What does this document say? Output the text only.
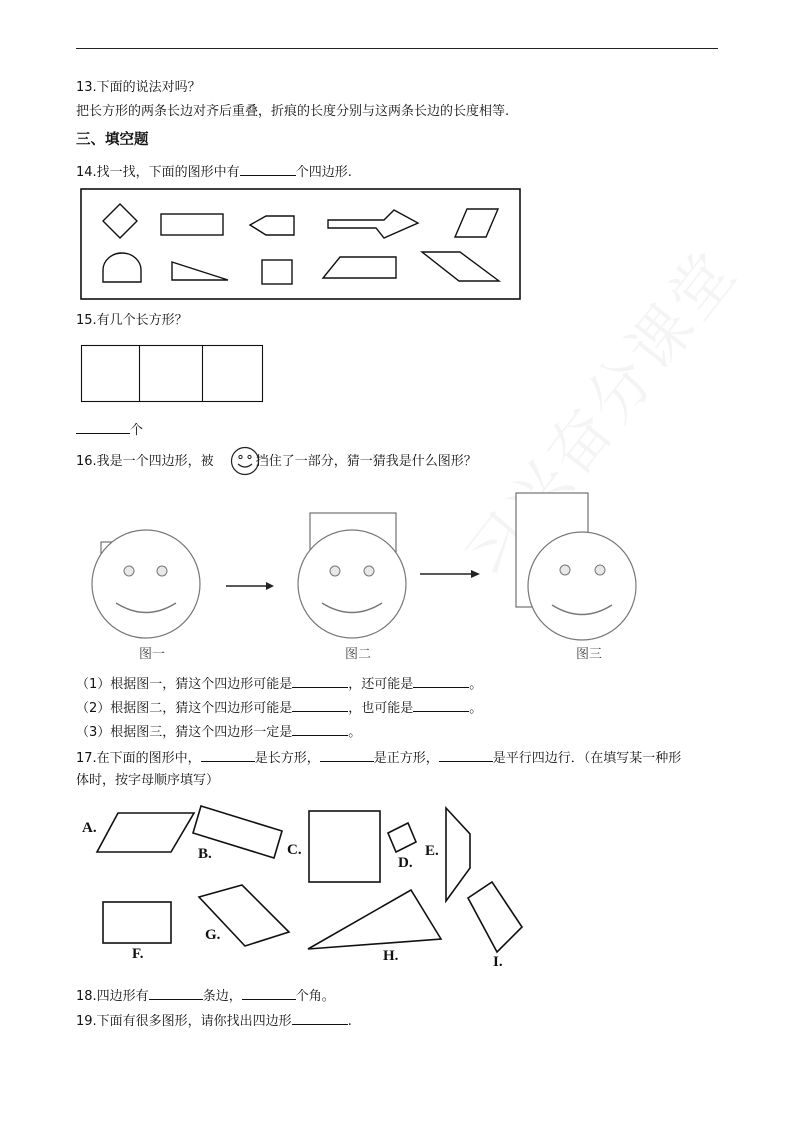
13.下面的说法对吗？
把长方形的两条长边对齐后重叠，折痕的长度分别与这两条长边的长度相等.
三、填空题
14.找一找，下面的图形中有	个四边形.
15.有几个长方形？
个
16.我是一个四边形，被	挡住了一部分，猜一猜我是什么图形？
图一	图二	图三
（1）根据图一，猜这个四边形可能是	，还可能是	。
（2）根据图二，猜这个四边形可能是	，也可能是	。
（3）根据图三，猜这个四边形一定是	。
17.在下面的图形中，	是长方形，	是正方形，	是平行四边行．（在填写某一种形
体时，按字母顺序填写）
A.
B.	C.
D.
E.
F.
G.
H.	I.
18.四边形有	条边，	个角。
19.下面有很多图形，请你找出四边形	.
